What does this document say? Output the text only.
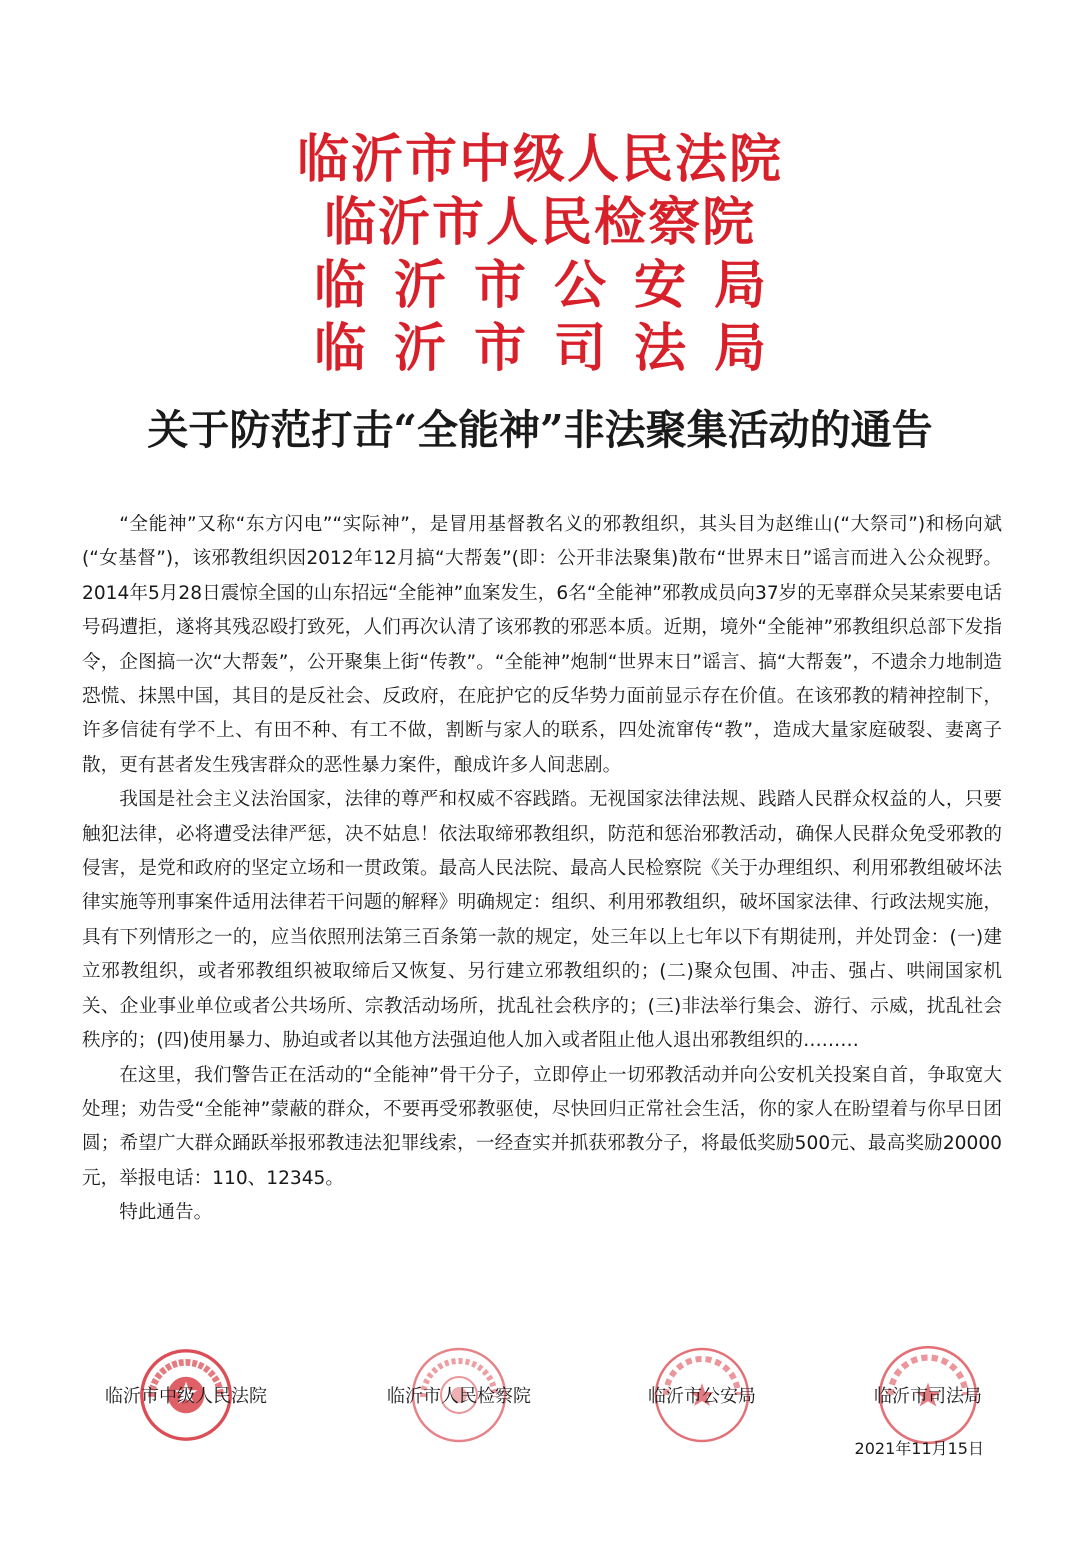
临沂市中级人民法院
临沂市人民检察院
临沂市公安局
临沂市司法局
关于防范打击“全能神”非法聚集活动的通告

“全能神”又称“东方闪电”“实际神”，是冒用基督教名义的邪教组织，其头目为赵维山(“大祭司”)和杨向斌(“女基督”)，该邪教组织因2012年12月搞“大帮轰”(即：公开非法聚集)散布“世界末日”谣言而进入公众视野。2014年5月28日震惊全国的山东招远“全能神”血案发生，6名“全能神”邪教成员向37岁的无辜群众吴某索要电话号码遭拒，遂将其残忍殴打致死，人们再次认清了该邪教的邪恶本质。近期，境外“全能神”邪教组织总部下发指令，企图搞一次“大帮轰”，公开聚集上街“传教”。“全能神”炮制“世界末日”谣言、搞“大帮轰”，不遗余力地制造恐慌、抹黑中国，其目的是反社会、反政府，在庇护它的反华势力面前显示存在价值。在该邪教的精神控制下，许多信徒有学不上、有田不种、有工不做，割断与家人的联系，四处流窜传“教”，造成大量家庭破裂、妻离子散，更有甚者发生残害群众的恶性暴力案件，酿成许多人间悲剧。

我国是社会主义法治国家，法律的尊严和权威不容践踏。无视国家法律法规、践踏人民群众权益的人，只要触犯法律，必将遭受法律严惩，决不姑息！依法取缔邪教组织，防范和惩治邪教活动，确保人民群众免受邪教的侵害，是党和政府的坚定立场和一贯政策。最高人民法院、最高人民检察院《关于办理组织、利用邪教组破坏法律实施等刑事案件适用法律若干问题的解释》明确规定：组织、利用邪教组织，破坏国家法律、行政法规实施，具有下列情形之一的，应当依照刑法第三百条第一款的规定，处三年以上七年以下有期徒刑，并处罚金：(一)建立邪教组织，或者邪教组织被取缔后又恢复、另行建立邪教组织的；(二)聚众包围、冲击、强占、哄闹国家机关、企业事业单位或者公共场所、宗教活动场所，扰乱社会秩序的；(三)非法举行集会、游行、示威，扰乱社会秩序的；(四)使用暴力、胁迫或者以其他方法强迫他人加入或者阻止他人退出邪教组织的………

在这里，我们警告正在活动的“全能神”骨干分子，立即停止一切邪教活动并向公安机关投案自首，争取宽大处理；劝告受“全能神”蒙蔽的群众，不要再受邪教驱使，尽快回归正常社会生活，你的家人在盼望着与你早日团圆；希望广大群众踊跃举报邪教违法犯罪线索，一经查实并抓获邪教分子，将最低奖励500元、最高奖励20000元，举报电话：110、12345。

特此通告。

临沂市中级人民法院	临沂市人民检察院	临沂市公安局	临沂市司法局
2021年11月15日
